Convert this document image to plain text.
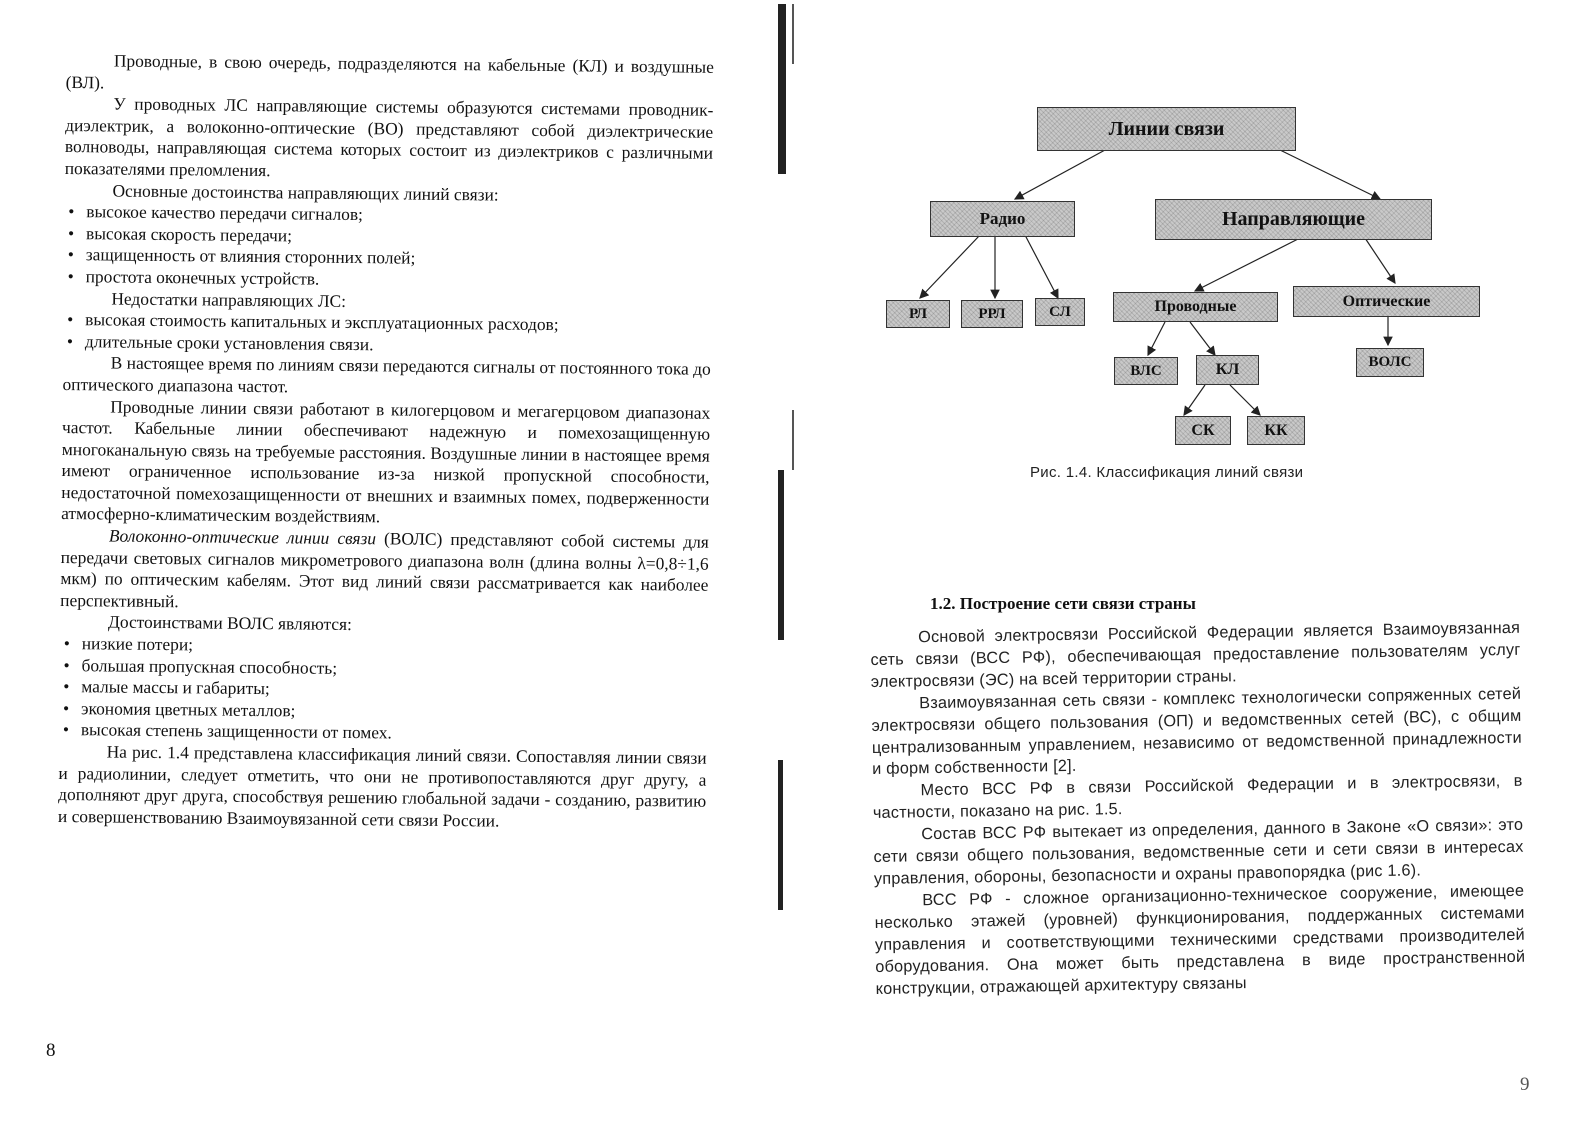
Проводные, в свою очередь, подразделяются на кабельные (КЛ) и воздушные (ВЛ).

У проводных ЛС направляющие системы образуются системами проводник-диэлектрик, а волоконно-оптические (ВО) представляют собой диэлектрические волноводы, направляющая система которых состоит из диэлектриков с различными показателями преломления.

Основные достоинства направляющих линий связи:

• высокое качество передачи сигналов;
• высокая скорость передачи;
• защищенность от влияния сторонних полей;
• простота оконечных устройств.

Недостатки направляющих ЛС:

• высокая стоимость капитальных и эксплуатационных расходов;
• длительные сроки установления связи.

В настоящее время по линиям связи передаются сигналы от постоянного тока до оптического диапазона частот.

Проводные линии связи работают в килогерцовом и мегагерцовом диапазонах частот. Кабельные линии обеспечивают надежную и помехозащищенную многоканальную связь на требуемые расстояния. Воздушные линии в настоящее время имеют ограниченное использование из-за низкой пропускной способности, недостаточной помехозащищенности от внешних и взаимных помех, подверженности атмосферно-климатическим воздействиям.

Волоконно-оптические линии связи (ВОЛС) представляют собой системы для передачи световых сигналов микрометрового диапазона волн (длина волны λ=0,8÷1,6 мкм) по оптическим кабелям. Этот вид линий связи рассматривается как наиболее перспективный.

Достоинствами ВОЛС являются:

• низкие потери;
• большая пропускная способность;
• малые массы и габариты;
• экономия цветных металлов;
• высокая степень защищенности от помех.

На рис. 1.4 представлена классификация линий связи. Сопоставляя линии связи и радиолинии, следует отметить, что они не противопоставляются друг другу, а дополняют друг друга, способствуя решению глобальной задачи - созданию, развитию и совершенствованию Взаимоувязанной сети связи России.

8
Линии связи
Радио	Направляющие
РЛ	РРЛ	СЛ	Проводные	Оптические
ВЛС	КЛ	ВОЛС
СК	КК
Рис. 1.4. Классификация линий связи
1.2. Построение сети связи страны

Основой электросвязи Российской Федерации является Взаимоувязанная сеть связи (ВСС РФ), обеспечивающая предоставление пользователям услуг электросвязи (ЭС) на всей территории страны.

Взаимоувязанная сеть связи - комплекс технологически сопряженных сетей электросвязи общего пользования (ОП) и ведомственных сетей (ВС), с общим централизованным управлением, независимо от ведомственной принадлежности и форм собственности [2].

Место ВСС РФ в связи Российской Федерации и в электросвязи, в частности, показано на рис. 1.5.

Состав ВСС РФ вытекает из определения, данного в Законе «О связи»: это сети связи общего пользования, ведомственные сети и сети связи в интересах управления, обороны, безопасности и охраны правопорядка (рис 1.6).

ВСС РФ - сложное организационно-техническое сооружение, имеющее несколько этажей (уровней) функционирования, поддержанных системами управления и соответствующими техническими средствами производителей оборудования. Она может быть представлена в виде пространственной конструкции, отражающей архитектуру связаны

9
